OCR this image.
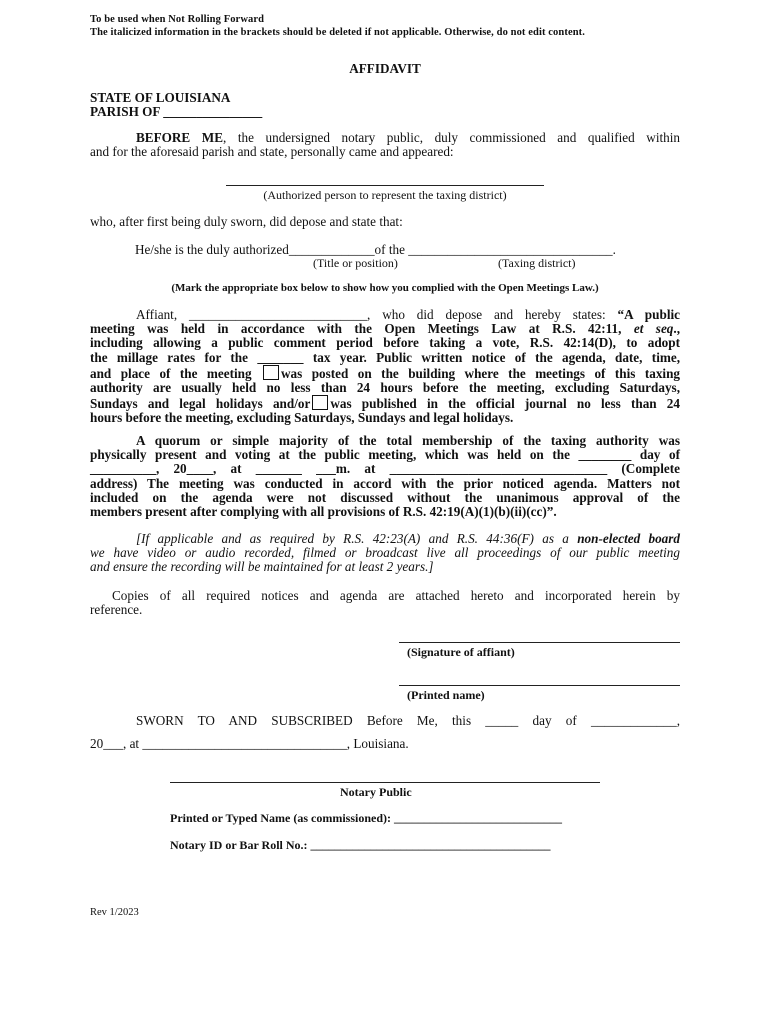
To be used when Not Rolling Forward
The italicized information in the brackets should be deleted if not applicable. Otherwise, do not edit content.
AFFIDAVIT
STATE OF LOUISIANA
PARISH OF _______________
BEFORE ME, the undersigned notary public, duly commissioned and qualified within
and for the aforesaid parish and state, personally came and appeared:
(Authorized person to represent the taxing district)
who, after first being duly sworn, did depose and state that:
He/she is the duly authorized_____________of the _______________________________.
(Title or position)	(Taxing district)
(Mark the appropriate box below to show how you complied with the Open Meetings Law.)
Affiant, ___________________________, who did depose and hereby states: “A public
meeting was held in accordance with the Open Meetings Law at R.S. 42:11, et seq.,
including allowing a public comment period before taking a vote, R.S. 42:14(D), to adopt
the millage rates for the _______ tax year. Public written notice of the agenda, date, time,
and place of the meeting was posted on the building where the meetings of this taxing
authority are usually held no less than 24 hours before the meeting, excluding Saturdays,
Sundays and legal holidays and/or was published in the official journal no less than 24
hours before the meeting, excluding Saturdays, Sundays and legal holidays.
A quorum or simple majority of the total membership of the taxing authority was
physically present and voting at the public meeting, which was held on the ________ day of
__________, 20____, at _______ ___m. at _________________________________ (Complete
address) The meeting was conducted in accord with the prior noticed agenda. Matters not
included on the agenda were not discussed without the unanimous approval of the
members present after complying with all provisions of R.S. 42:19(A)(1)(b)(ii)(cc)”.
[If applicable and as required by R.S. 42:23(A) and R.S. 44:36(F) as a non-elected board
we have video or audio recorded, filmed or broadcast live all proceedings of our public meeting
and ensure the recording will be maintained for at least 2 years.]
Copies of all required notices and agenda are attached hereto and incorporated herein by
reference.
(Signature of affiant)
(Printed name)
SWORN TO AND SUBSCRIBED Before Me, this _____ day of _____________,
20___, at _______________________________, Louisiana.
Notary Public
Printed or Typed Name (as commissioned): ____________________________
Notary ID or Bar Roll No.: ________________________________________
Rev 1/2023
